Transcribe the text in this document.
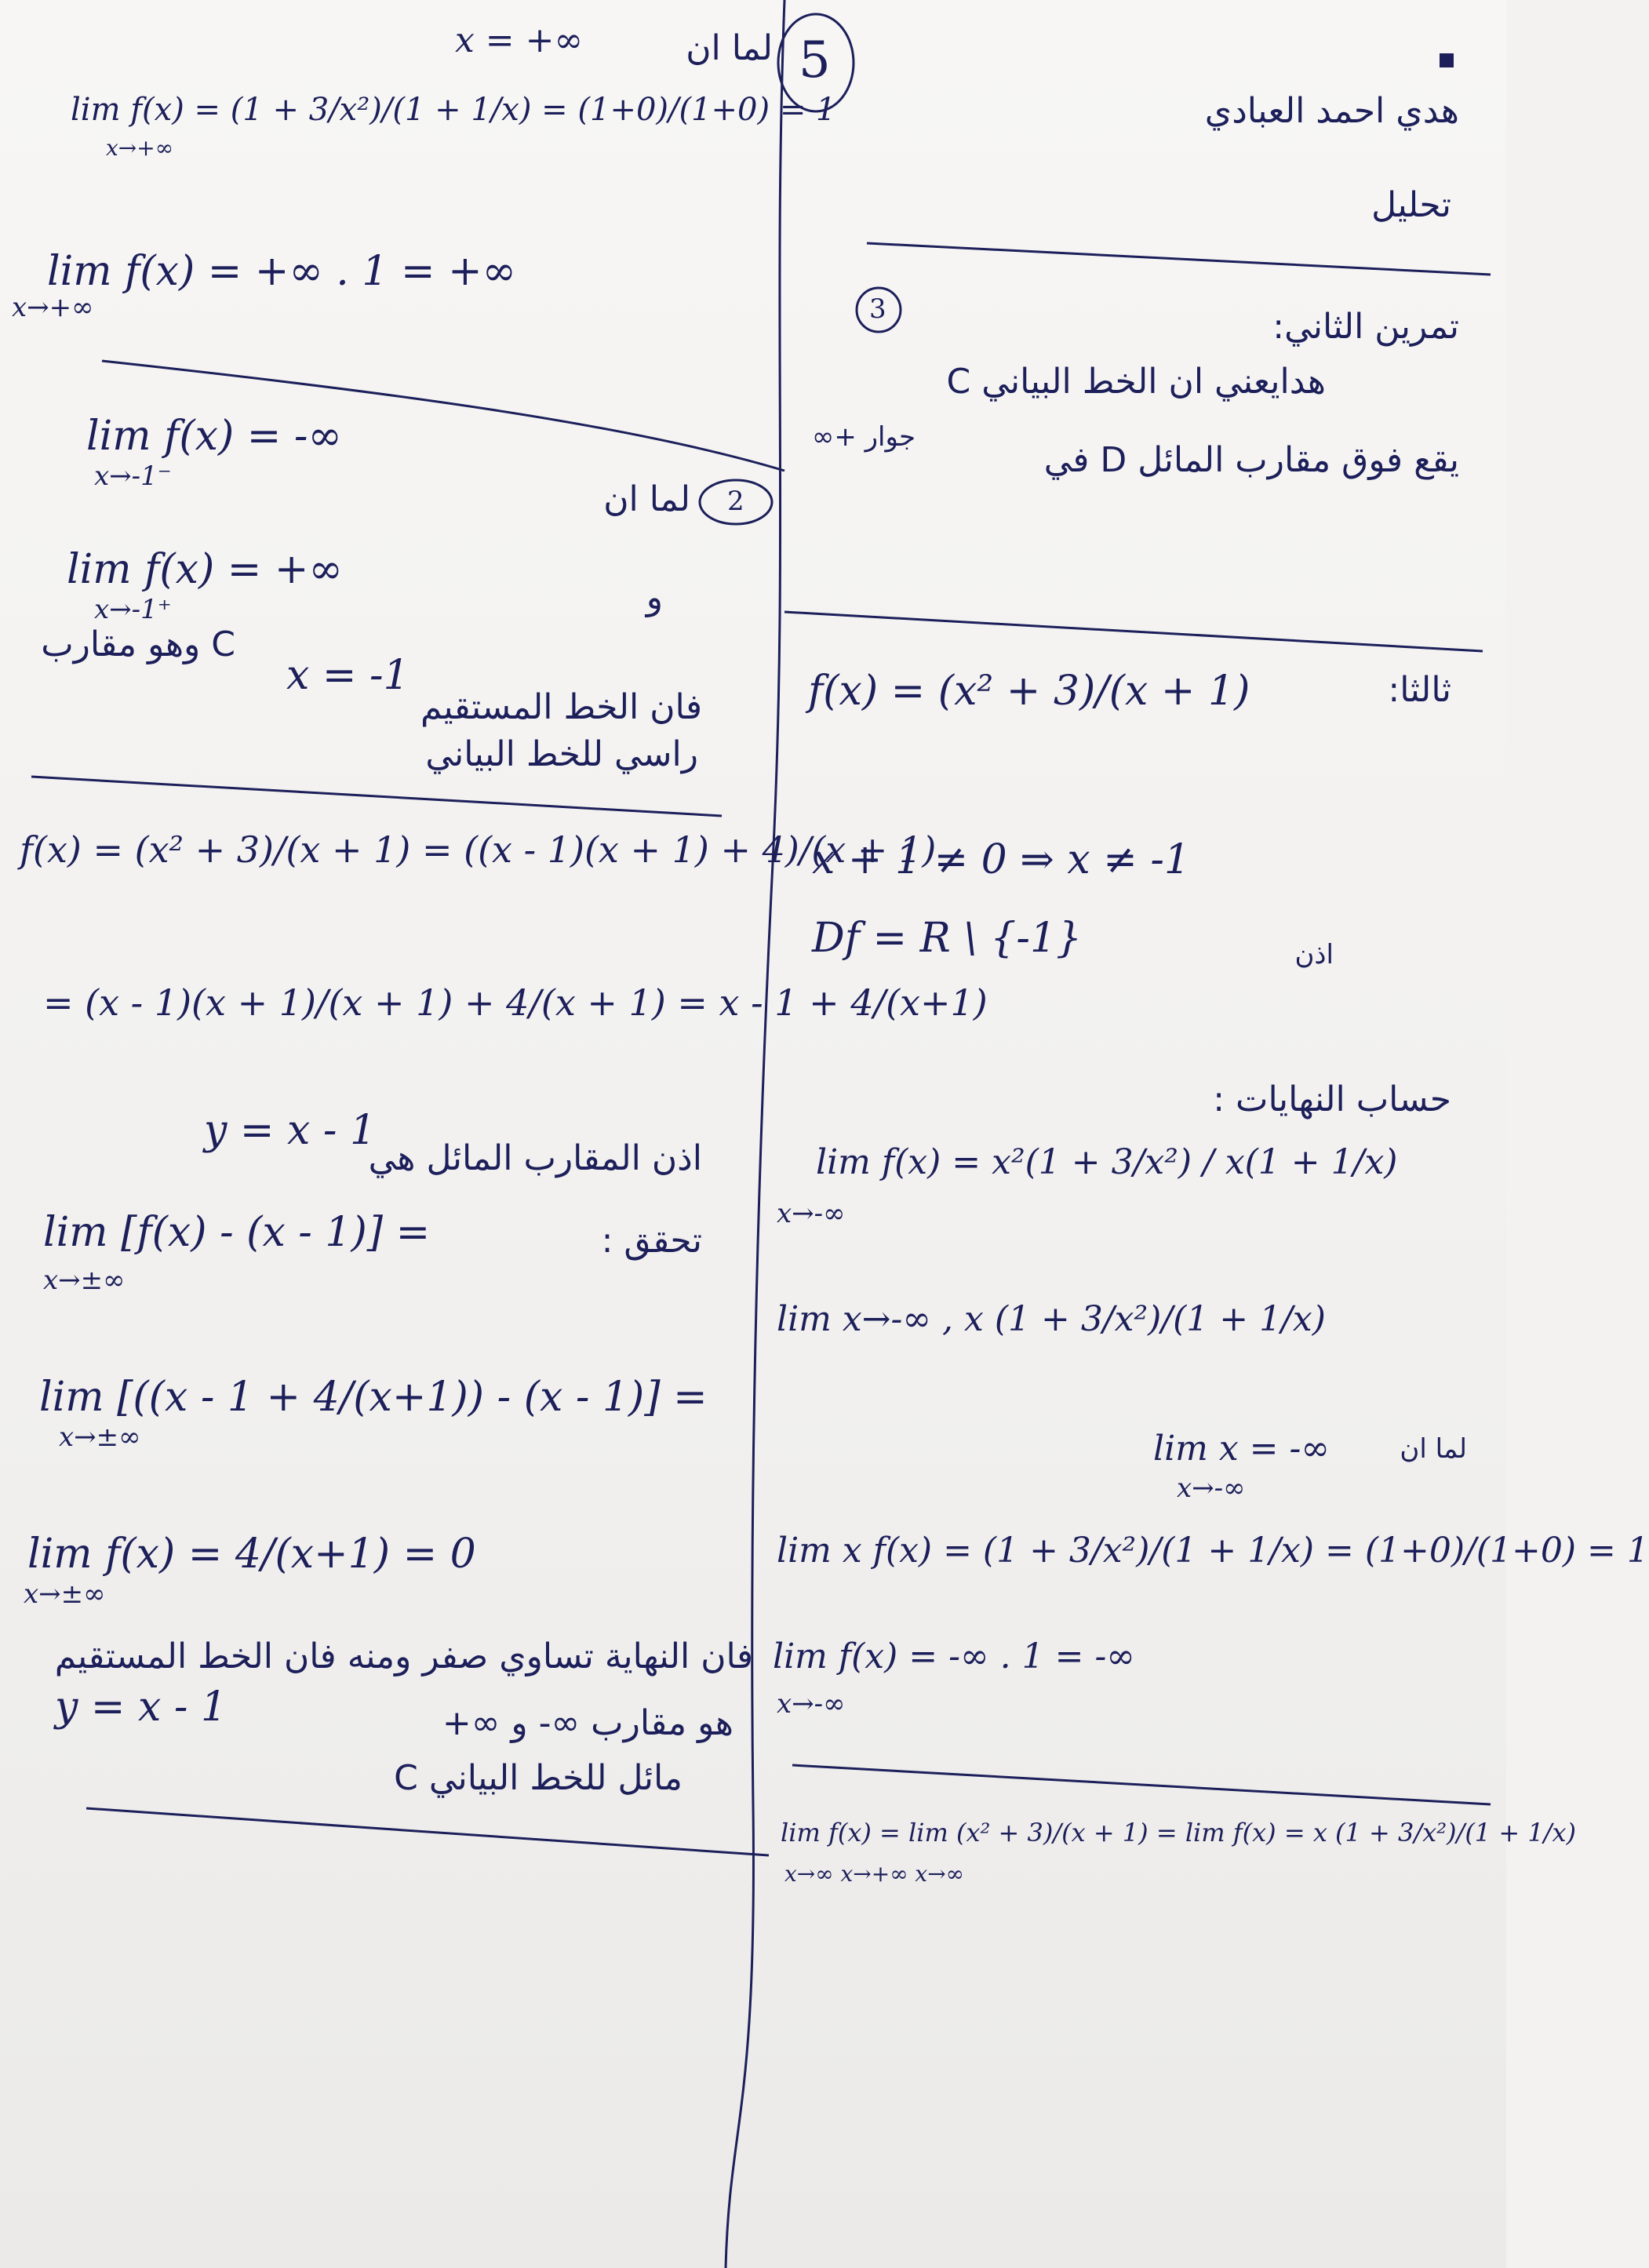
5
هدي احمد العبادي
تحليل
3	تمرين الثاني:
هدايعني ان الخط البياني C
يقع فوق مقارب المائل D في
جوار +∞
ثالثا:
f(x) = (x² + 3)/(x + 1)
x + 1 ≠ 0 ⇒ x ≠ -1
Df = R \ {-1}	اذن
حساب النهايات :
lim f(x) = x²(1 + 3/x²) / x(1 + 1/x)
x→-∞
lim x→-∞ , x (1 + 3/x²)/(1 + 1/x)
lim x = -∞	لما ان
x→-∞
lim x f(x) = (1 + 3/x²)/(1 + 1/x) = (1+0)/(1+0) = 1
lim f(x) = -∞ . 1 = -∞
x→-∞
lim f(x) = lim (x² + 3)/(x + 1) = lim f(x) = x (1 + 3/x²)/(1 + 1/x)
x→∞ x→+∞ x→∞
x = +∞	لما ان
lim f(x) = (1 + 3/x²)/(1 + 1/x) = (1+0)/(1+0) = 1
x→+∞
lim f(x) = +∞ . 1 = +∞
x→+∞
lim f(x) = -∞
x→-1⁻
2
لما ان
lim f(x) = +∞
x→-1⁺	و
فان الخط المستقيم
x = -1
C وهو مقارب
راسي للخط البياني
f(x) = (x² + 3)/(x + 1) = ((x - 1)(x + 1) + 4)/(x + 1)
= (x - 1)(x + 1)/(x + 1) + 4/(x + 1) = x - 1 + 4/(x+1)
اذن المقارب المائل هي
y = x - 1
تحقق :
lim [f(x) - (x - 1)] =
x→±∞
lim [((x - 1 + 4/(x+1)) - (x - 1)] =
x→±∞
lim f(x) = 4/(x+1) = 0
x→±∞
فان النهاية تساوي صفر ومنه فان الخط المستقيم
y = x - 1	هو مقارب ∞- و ∞+
مائل للخط البياني C
